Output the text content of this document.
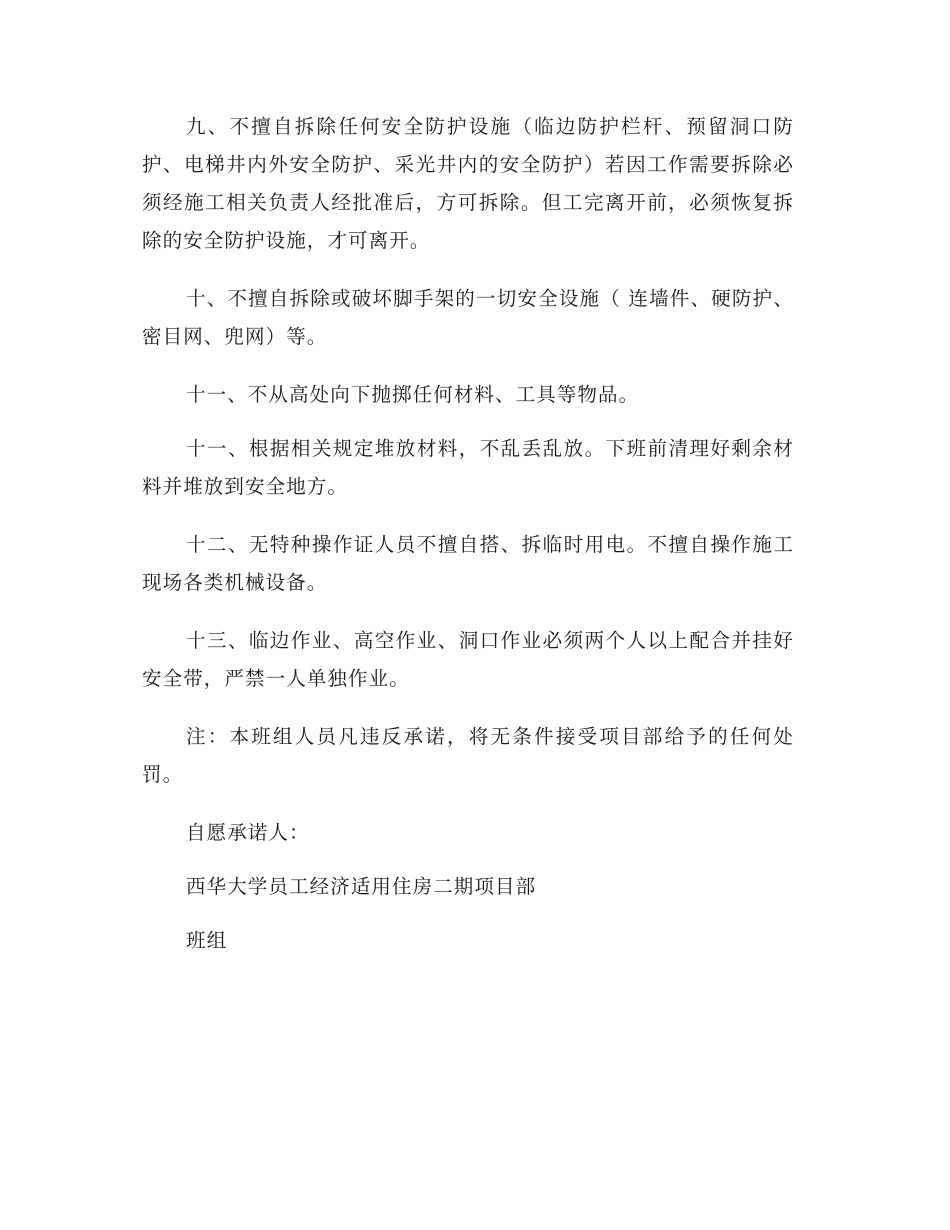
九、不擅自拆除任何安全防护设施（临边防护栏杆、预留洞口防护、电梯井内外安全防护、采光井内的安全防护）若因工作需要拆除必须经施工相关负责人经批准后，方可拆除。但工完离开前，必须恢复拆除的安全防护设施，才可离开。

十、不擅自拆除或破坏脚手架的一切安全设施（ 连墙件、硬防护、密目网、兜网）等。

十一、不从高处向下抛掷任何材料、工具等物品。

十一、根据相关规定堆放材料，不乱丢乱放。下班前清理好剩余材料并堆放到安全地方。

十二、无特种操作证人员不擅自搭、拆临时用电。不擅自操作施工现场各类机械设备。

十三、临边作业、高空作业、洞口作业必须两个人以上配合并挂好安全带，严禁一人单独作业。

注：本班组人员凡违反承诺，将无条件接受项目部给予的任何处罚。

自愿承诺人：

西华大学员工经济适用住房二期项目部

班组
